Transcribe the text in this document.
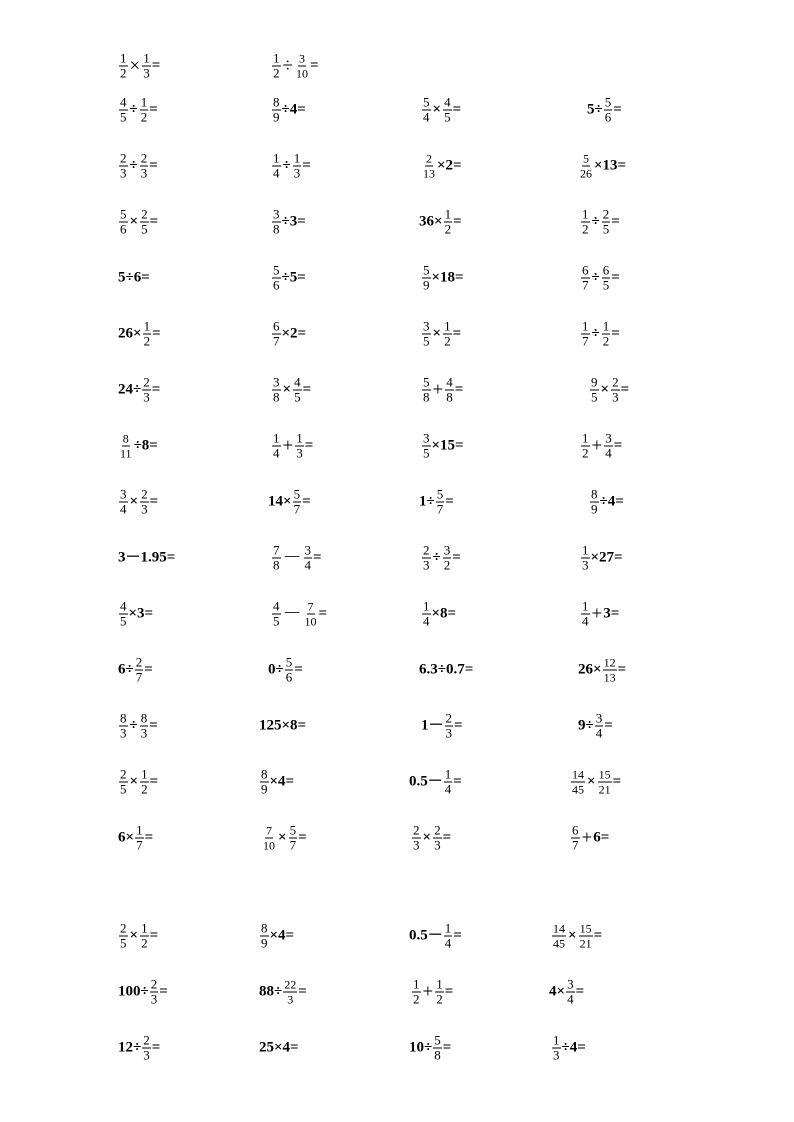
$\frac{1}{2} \times \frac{1}{3}$ =	$\frac{1}{2} \div \frac{3}{10}$ =
$\frac{4}{5} \div \frac{1}{2}$ =	$\frac{8}{9} \div 4=$	$\frac{5}{4} \times \frac{4}{5}$ =	$5\div \frac{5}{6}$ =
$\frac{2}{3} \div \frac{2}{3}$ =	$\frac{1}{4} \div \frac{1}{3}$ =	$\frac{2}{13} \times 2=$	$\frac{5}{26} \times 13=$
$\frac{5}{6} \times \frac{2}{5}$ =	$\frac{3}{8} \div 3=$	$36\times \frac{1}{2}$ =	$\frac{1}{2} \div \frac{2}{5}$ =
5÷6=	$\frac{5}{6} \div 5=$	$\frac{5}{9} \times 18=$	$\frac{6}{7} \div \frac{6}{5}$ =
$26\times \frac{1}{2}$ =	$\frac{6}{7} \times 2=$	$\frac{3}{5} \times \frac{1}{2}$ =	$\frac{1}{7} \div \frac{1}{2}$ =
$24\div \frac{2}{3}$ =	$\frac{3}{8} \times \frac{4}{5}$ =	$\frac{5}{8} + \frac{4}{8}$ =	$\frac{9}{5} \times \frac{2}{3}$ =
$\frac{8}{11} \div 8=$	$\frac{1}{4} + \frac{1}{3}$ =	$\frac{3}{5} \times 15=$	$\frac{1}{2} + \frac{3}{4}$ =
$\frac{3}{4} \times \frac{2}{3}$ =	$14\times \frac{5}{7}$ =	$1\div \frac{5}{7}$ =	$\frac{8}{9} \div 4=$
3－1.95=	$\frac{7}{8} - \frac{3}{4}$ =	$\frac{2}{3} \div \frac{3}{2}$ =	$\frac{1}{3} \times 27=$
$\frac{4}{5} \times 3=$	$\frac{4}{5} - \frac{7}{10}$ =	$\frac{1}{4} \times 8=$	$\frac{1}{4} + 3=$
$6\div \frac{2}{7}$ =	$0\div \frac{5}{6}$ =	6.3÷0.7=	$26\times \frac{12}{13}$ =
$\frac{8}{3} \div \frac{8}{3}$ =	125×8=	$1- \frac{2}{3}$ =	$9\div \frac{3}{4}$ =
$\frac{2}{5} \times \frac{1}{2}$ =	$\frac{8}{9} \times 4=$	$0.5- \frac{1}{4}$ =	$\frac{14}{45} \times \frac{15}{21}$ =
$6\times \frac{1}{7}$ =	$\frac{7}{10} \times \frac{5}{7}$ =	$\frac{2}{3} \times \frac{2}{3}$ =	$\frac{6}{7} + 6=$
$\frac{2}{5} \times \frac{1}{2}$ =	$\frac{8}{9} \times 4=$	$0.5- \frac{1}{4}$ =	$\frac{14}{45} \times \frac{15}{21}$ =
$100\div \frac{2}{3}$ =	$88\div \frac{22}{3}$ =	$\frac{1}{2} + \frac{1}{2}$ =	$4\times \frac{3}{4}$ =
$12\div \frac{2}{3}$ =	25×4=	$10\div \frac{5}{8}$ =	$\frac{1}{3} \div 4=$
